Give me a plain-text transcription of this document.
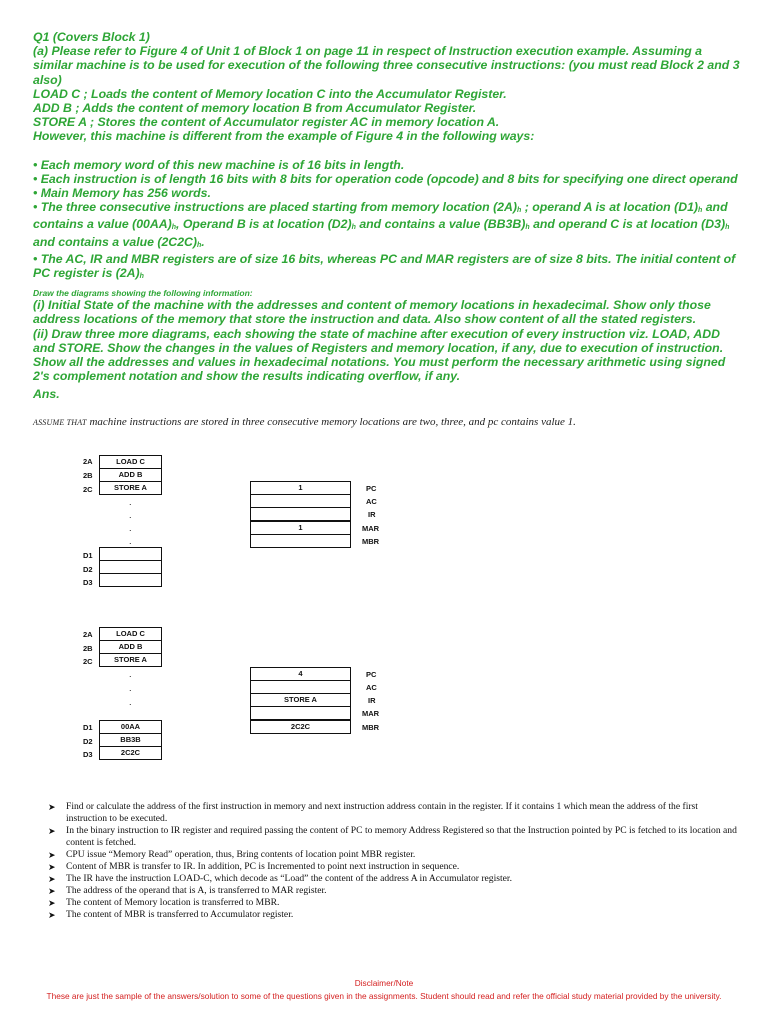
Q1 (Covers Block 1)

(a) Please refer to Figure 4 of Unit 1 of Block 1 on page 11 in respect of Instruction execution example. Assuming a similar machine is to be used for execution of the following three consecutive instructions: (you must read Block 2 and 3 also)

LOAD C ; Loads the content of Memory location C into the Accumulator Register.

ADD B ; Adds the content of memory location B from Accumulator Register.

STORE A ; Stores the content of Accumulator register AC in memory location A.

However, this machine is different from the example of Figure 4 in the following ways:

• Each memory word of this new machine is of 16 bits in length.

• Each instruction is of length 16 bits with 8 bits for operation code (opcode) and 8 bits for specifying one direct operand

• Main Memory has 256 words.

• The three consecutive instructions are placed starting from memory location $(2A)_h$ ; operand A is at location $(D1)_h$ and contains a value $(00AA)_h$, Operand B is at location $(D2)_h$ and contains a value $(BB3B)_h$ and operand C is at location $(D3)_h$ and contains a value $(2C2C)_h$.

• The AC, IR and MBR registers are of size 16 bits, whereas PC and MAR registers are of size 8 bits. The initial content of PC register is $(2A)_h$

Draw the diagrams showing the following information:

(i) Initial State of the machine with the addresses and content of memory locations in hexadecimal. Show only those address locations of the memory that store the instruction and data. Also show content of all the stated registers.

(ii) Draw three more diagrams, each showing the state of machine after execution of every instruction viz. LOAD, ADD and STORE. Show the changes in the values of Registers and memory location, if any, due to execution of instruction. Show all the addresses and values in hexadecimal notations. You must perform the necessary arithmetic using signed 2's complement notation and show the results indicating overflow, if any.

Ans.
ASSUME THAT machine instructions are stored in three consecutive memory locations are two, three, and pc contains value 1.
2A	LOAD C
2B	ADD B
2C	STORE A
.
.
.
.
D1
D2
D3
1	PC
AC
IR
1	MAR
MBR
2A	LOAD C
2B	ADD B
2C	STORE A
.
.
.
D1	00AA
D2	BB3B
D3	2C2C
4	PC
AC
STORE A	IR
MAR
2C2C	MBR
➤ Find or calculate the address of the first instruction in memory and next instruction address contain in the register. If it contains 1 which mean the address of the first instruction to be executed.
➤ In the binary instruction to IR register and required passing the content of PC to memory Address Registered so that the Instruction pointed by PC is fetched to its location and content is fetched.
➤ CPU issue “Memory Read” operation, thus, Bring contents of location point MBR register.
➤ Content of MBR is transfer to IR. In addition, PC is Incremented to point next instruction in sequence.
➤ The IR have the instruction LOAD-C, which decode as “Load” the content of the address A in Accumulator register.
➤ The address of the operand that is A, is transferred to MAR register.
➤ The content of Memory location is transferred to MBR.
➤ The content of MBR is transferred to Accumulator register.
Disclaimer/Note
These are just the sample of the answers/solution to some of the questions given in the assignments. Student should read and refer the official study material provided by the university.
